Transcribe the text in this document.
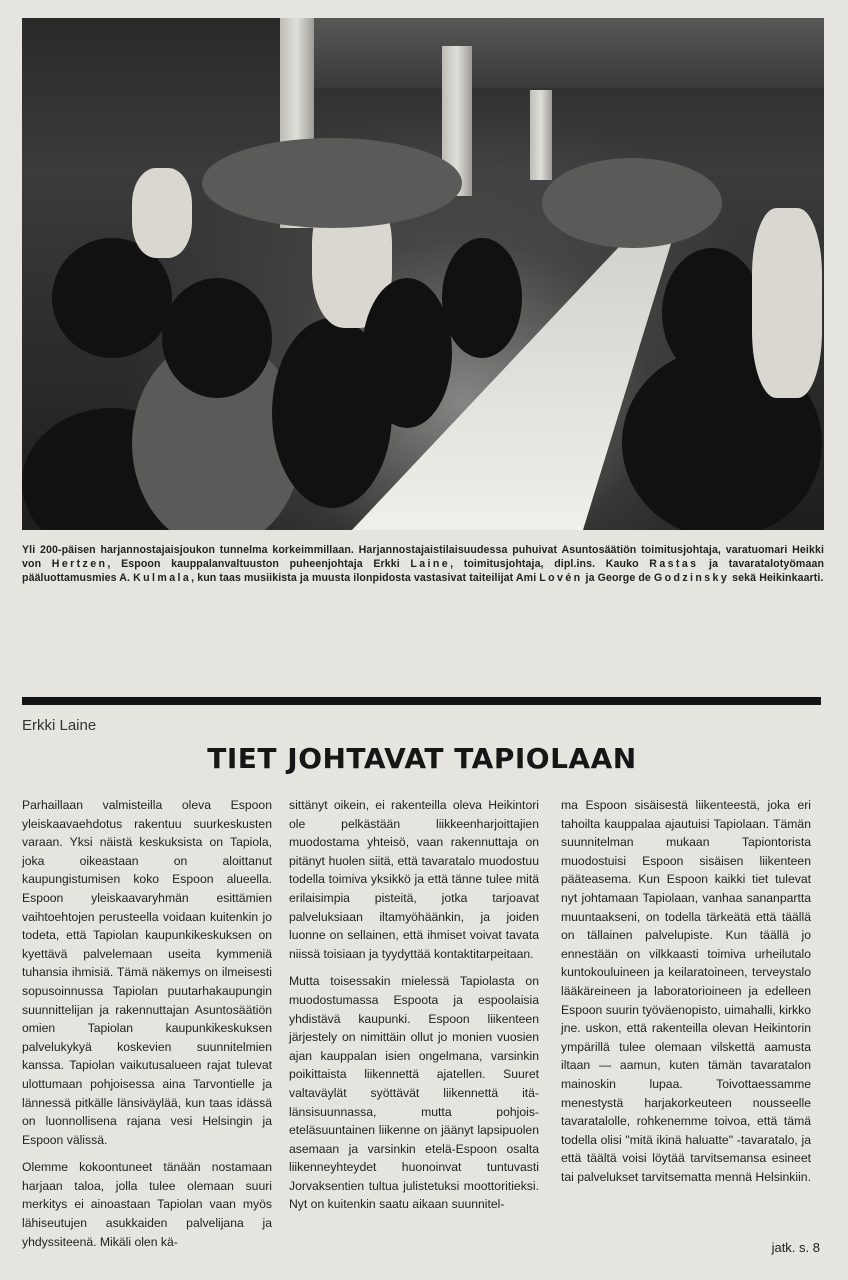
Yli 200-päisen harjannostajaisjoukon tunnelma korkeimmillaan. Harjannostajaistilaisuudessa puhuivat Asuntosäätiön toimitusjohtaja, varatuomari Heikki von Hertzen, Espoon kauppalanvaltuuston puheenjohtaja Erkki Laine, toimitusjohtaja, dipl.ins. Kauko Rastas ja tavaratalotyömaan pääluottamusmies A. Kulmala, kun taas musiikista ja muusta ilonpidosta vastasivat taiteilijat Ami Lovén ja George de Godzinsky sekä Heikinkaarti.
Erkki Laine
TIET JOHTAVAT TAPIOLAAN

Parhaillaan valmisteilla oleva Espoon yleiskaavaehdotus rakentuu suurkeskusten varaan. Yksi näistä keskuksista on Tapiola, joka oikeastaan on aloittanut kaupungistumisen koko Espoon alueella. Espoon yleiskaavaryhmän esittämien vaihtoehtojen perusteella voidaan kuitenkin jo todeta, että Tapiolan kaupunkikeskuksen on kyettävä palvelemaan useita kymmeniä tuhansia ihmisiä. Tämä näkemys on ilmeisesti sopusoinnussa Tapiolan puutarhakaupungin suunnittelijan ja rakennuttajan Asuntosäätiön omien Tapiolan kaupunkikeskuksen palvelukykyä koskevien suunnitelmien kanssa. Tapiolan vaikutusalueen rajat tulevat ulottumaan pohjoisessa aina Tarvontielle ja lännessä pitkälle länsiväylää, kun taas idässä on luonnollisena rajana vesi Helsingin ja Espoon välissä.

Olemme kokoontuneet tänään nostamaan harjaan taloa, jolla tulee olemaan suuri merkitys ei ainoastaan Tapiolan vaan myös lähiseutujen asukkaiden palvelijana ja yhdyssiteenä. Mikäli olen kä-

sittänyt oikein, ei rakenteilla oleva Heikintori ole pelkästään liikkeenharjoittajien muodostama yhteisö, vaan rakennuttaja on pitänyt huolen siitä, että tavaratalo muodostuu todella toimiva yksikkö ja että tänne tulee mitä erilaisimpia pisteitä, jotka tarjoavat palveluksiaan iltamyöhäänkin, ja joiden luonne on sellainen, että ihmiset voivat tavata niissä toisiaan ja tyydyttää kontaktitarpeitaan.

Mutta toisessakin mielessä Tapiolasta on muodostumassa Espoota ja espoolaisia yhdistävä kaupunki. Espoon liikenteen järjestely on nimittäin ollut jo monien vuosien ajan kauppalan isien ongelmana, varsinkin poikittaista liikennettä ajatellen. Suuret valtaväylät syöttävät liikennettä itä-länsisuunnassa, mutta pohjois-eteläsuuntainen liikenne on jäänyt lapsipuolen asemaan ja varsinkin etelä-Espoon osalta liikenneyhteydet huonoinvat tuntuvasti Jorvaksentien tultua julistetuksi moottoritieksi. Nyt on kuitenkin saatu aikaan suunnitel-

ma Espoon sisäisestä liikenteestä, joka eri tahoilta kauppalaa ajautuisi Tapiolaan. Tämän suunnitelman mukaan Tapiontorista muodostuisi Espoon sisäisen liikenteen pääteasema. Kun Espoon kaikki tiet tulevat nyt johtamaan Tapiolaan, vanhaa sananpartta muuntaakseni, on todella tärkeätä että täällä on tällainen palvelupiste. Kun täällä jo ennestään on vilkkaasti toimiva urheilutalo kuntokouluineen ja keilaratoineen, terveystalo lääkäreineen ja laboratorioineen ja edelleen Espoon suurin työväenopisto, uimahalli, kirkko jne. uskon, että rakenteilla olevan Heikintorin ympärillä tulee olemaan vilskettä aamusta iltaan — aamun, kuten tämän tavaratalon mainoskin lupaa. Toivottaessamme menestystä harjakorkeuteen nousseelle tavaratalolle, rohkenemme toivoa, että tämä todella olisi "mitä ikinä haluatte" -tavaratalo, ja että täältä voisi löytää tarvitsemansa esineet tai palvelukset tarvitsematta mennä Helsinkiin.

jatk. s. 8
